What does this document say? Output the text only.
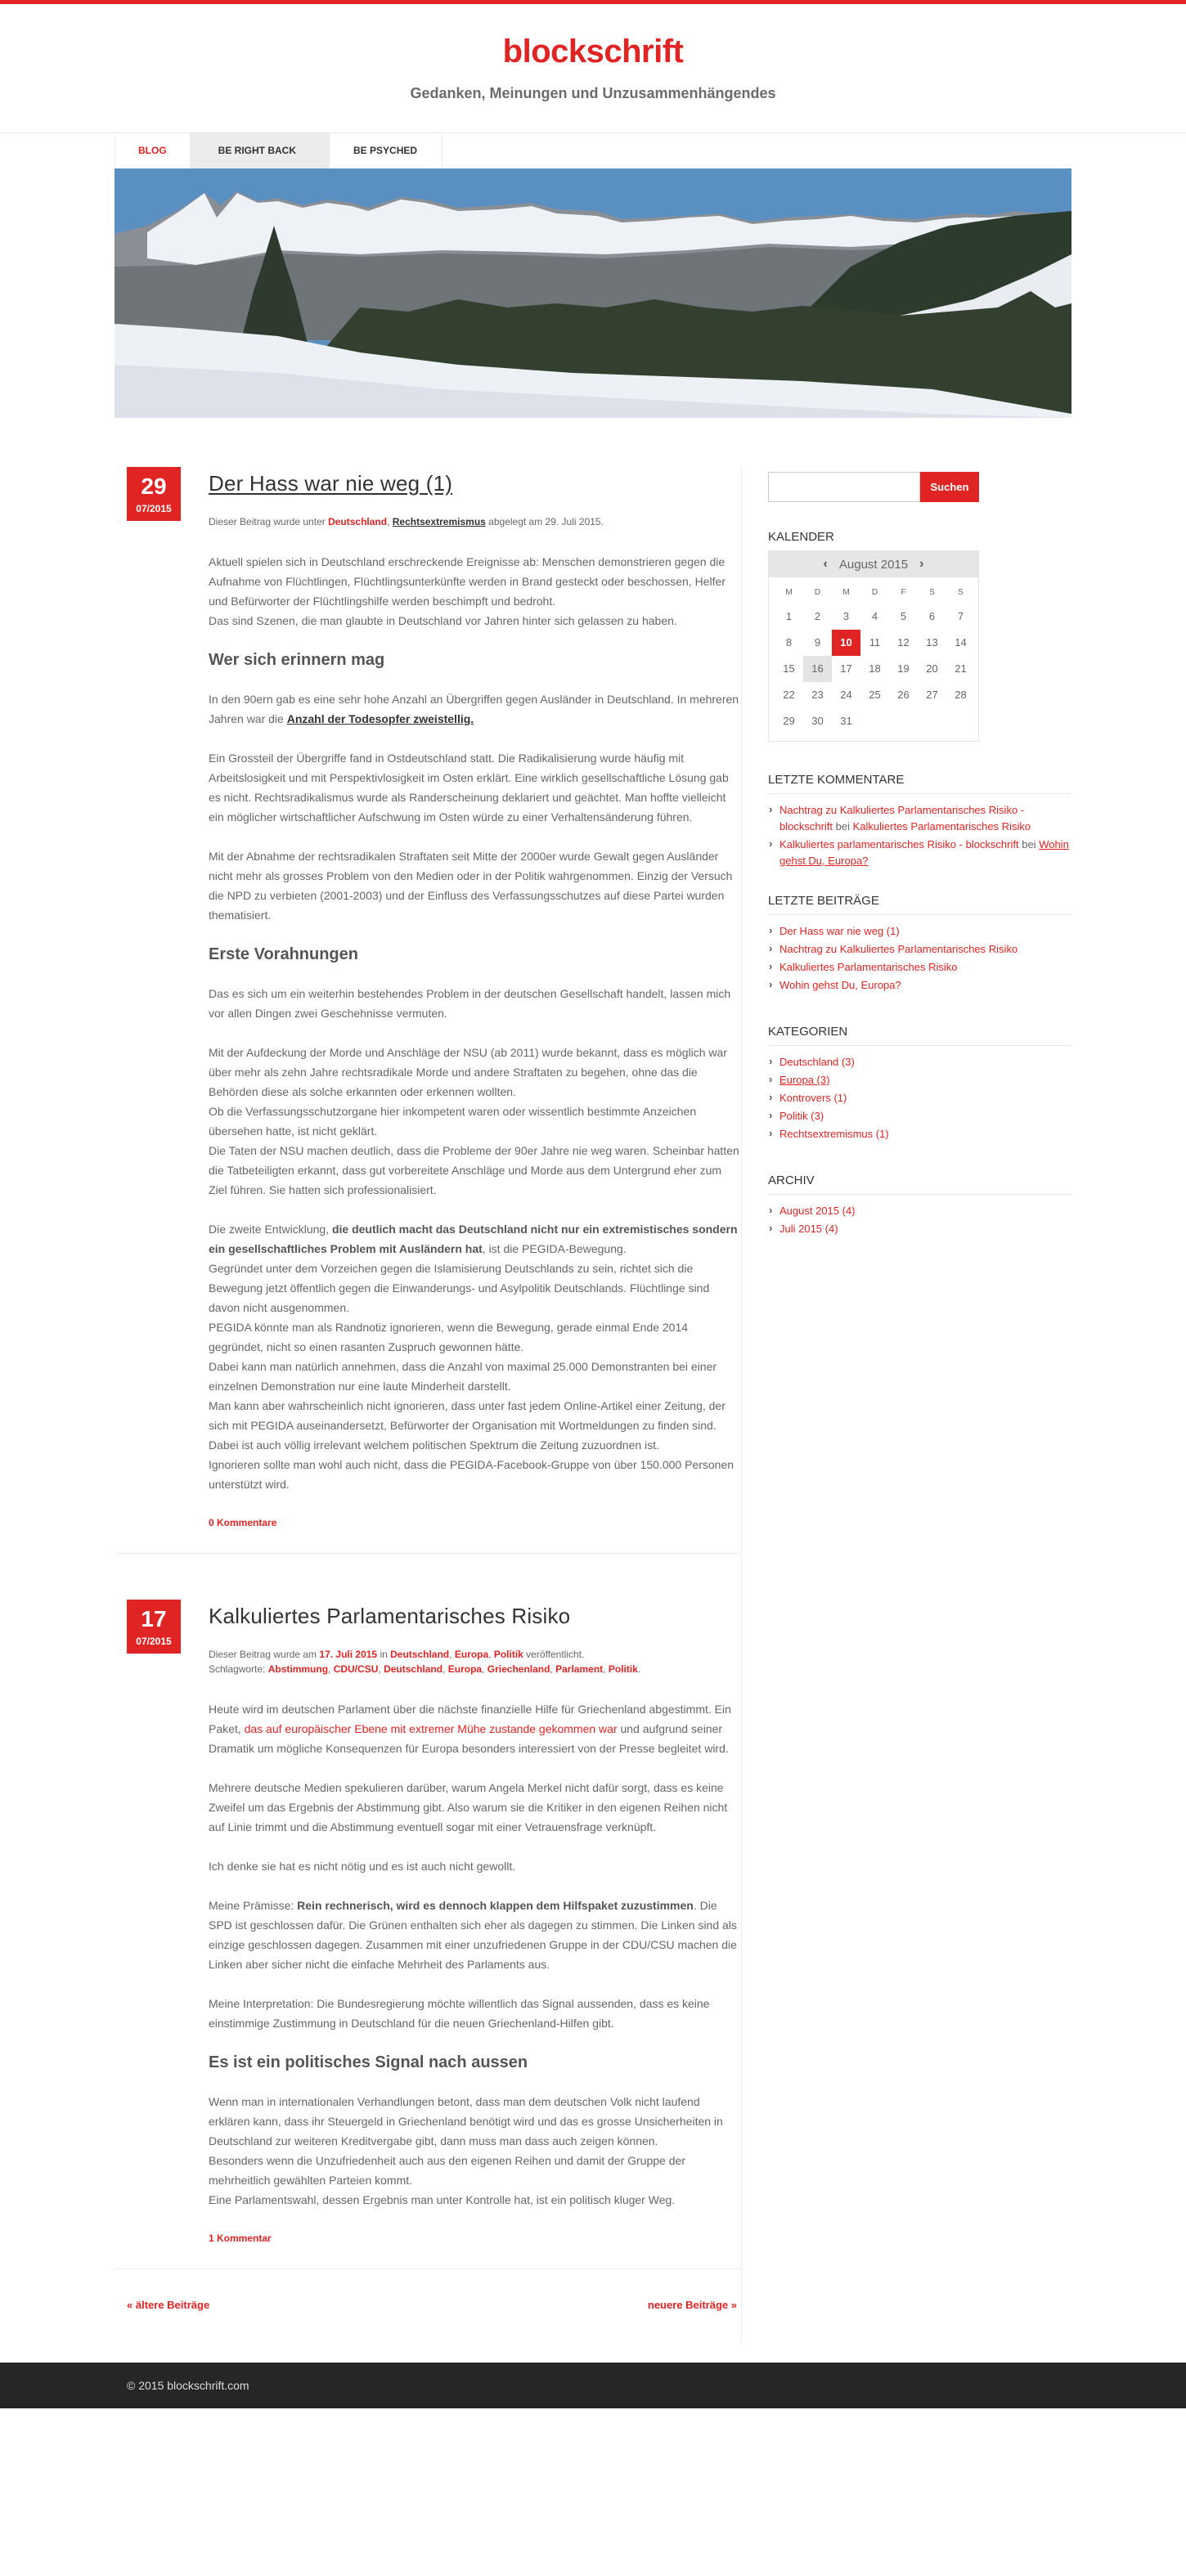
blockschrift
Gedanken, Meinungen und Unzusammenhängendes
BLOG	BE RIGHT BACK	BE PSYCHED
29
07/2015
Der Hass war nie weg (1)
Dieser Beitrag wurde unter Deutschland, Rechtsextremismus abgelegt am 29. Juli 2015.

Aktuell spielen sich in Deutschland erschreckende Ereignisse ab: Menschen demonstrieren gegen die Aufnahme von Flüchtlingen, Flüchtlingsunterkünfte werden in Brand gesteckt oder beschossen, Helfer und Befürworter der Flüchtlingshilfe werden beschimpft und bedroht.
Das sind Szenen, die man glaubte in Deutschland vor Jahren hinter sich gelassen zu haben.

Wer sich erinnern mag

In den 90ern gab es eine sehr hohe Anzahl an Übergriffen gegen Ausländer in Deutschland. In mehreren Jahren war die Anzahl der Todesopfer zweistellig.

Ein Grossteil der Übergriffe fand in Ostdeutschland statt. Die Radikalisierung wurde häufig mit Arbeitslosigkeit und mit Perspektivlosigkeit im Osten erklärt. Eine wirklich gesellschaftliche Lösung gab es nicht. Rechtsradikalismus wurde als Randerscheinung deklariert und geächtet. Man hoffte vielleicht ein möglicher wirtschaftlicher Aufschwung im Osten würde zu einer Verhaltensänderung führen.

Mit der Abnahme der rechtsradikalen Straftaten seit Mitte der 2000er wurde Gewalt gegen Ausländer nicht mehr als grosses Problem von den Medien oder in der Politik wahrgenommen. Einzig der Versuch die NPD zu verbieten (2001-2003) und der Einfluss des Verfassungsschutzes auf diese Partei wurden thematisiert.

Erste Vorahnungen

Das es sich um ein weiterhin bestehendes Problem in der deutschen Gesellschaft handelt, lassen mich vor allen Dingen zwei Geschehnisse vermuten.

Mit der Aufdeckung der Morde und Anschläge der NSU (ab 2011) wurde bekannt, dass es möglich war über mehr als zehn Jahre rechtsradikale Morde und andere Straftaten zu begehen, ohne das die Behörden diese als solche erkannten oder erkennen wollten.
Ob die Verfassungsschutzorgane hier inkompetent waren oder wissentlich bestimmte Anzeichen übersehen hatte, ist nicht geklärt.
Die Taten der NSU machen deutlich, dass die Probleme der 90er Jahre nie weg waren. Scheinbar hatten die Tatbeteiligten erkannt, dass gut vorbereitete Anschläge und Morde aus dem Untergrund eher zum Ziel führen. Sie hatten sich professionalisiert.

Die zweite Entwicklung, die deutlich macht das Deutschland nicht nur ein extremistisches sondern ein gesellschaftliches Problem mit Ausländern hat, ist die PEGIDA-Bewegung.
Gegründet unter dem Vorzeichen gegen die Islamisierung Deutschlands zu sein, richtet sich die Bewegung jetzt öffentlich gegen die Einwanderungs- und Asylpolitik Deutschlands. Flüchtlinge sind davon nicht ausgenommen.
PEGIDA könnte man als Randnotiz ignorieren, wenn die Bewegung, gerade einmal Ende 2014 gegründet, nicht so einen rasanten Zuspruch gewonnen hätte.
Dabei kann man natürlich annehmen, dass die Anzahl von maximal 25.000 Demonstranten bei einer einzelnen Demonstration nur eine laute Minderheit darstellt.
Man kann aber wahrscheinlich nicht ignorieren, dass unter fast jedem Online-Artikel einer Zeitung, der sich mit PEGIDA auseinandersetzt, Befürworter der Organisation mit Wortmeldungen zu finden sind. Dabei ist auch völlig irrelevant welchem politischen Spektrum die Zeitung zuzuordnen ist.
Ignorieren sollte man wohl auch nicht, dass die PEGIDA-Facebook-Gruppe von über 150.000 Personen unterstützt wird.

0 Kommentare
17
07/2015
Kalkuliertes Parlamentarisches Risiko
Dieser Beitrag wurde am 17. Juli 2015 in Deutschland, Europa, Politik veröffentlicht.
Schlagworte: Abstimmung, CDU/CSU, Deutschland, Europa, Griechenland, Parlament, Politik.

Heute wird im deutschen Parlament über die nächste finanzielle Hilfe für Griechenland abgestimmt. Ein Paket, das auf europäischer Ebene mit extremer Mühe zustande gekommen war und aufgrund seiner Dramatik um mögliche Konsequenzen für Europa besonders interessiert von der Presse begleitet wird.

Mehrere deutsche Medien spekulieren darüber, warum Angela Merkel nicht dafür sorgt, dass es keine Zweifel um das Ergebnis der Abstimmung gibt. Also warum sie die Kritiker in den eigenen Reihen nicht auf Linie trimmt und die Abstimmung eventuell sogar mit einer Vetrauensfrage verknüpft.

Ich denke sie hat es nicht nötig und es ist auch nicht gewollt.

Meine Prämisse: Rein rechnerisch, wird es dennoch klappen dem Hilfspaket zuzustimmen. Die SPD ist geschlossen dafür. Die Grünen enthalten sich eher als dagegen zu stimmen. Die Linken sind als einzige geschlossen dagegen. Zusammen mit einer unzufriedenen Gruppe in der CDU/CSU machen die Linken aber sicher nicht die einfache Mehrheit des Parlaments aus.

Meine Interpretation: Die Bundesregierung möchte willentlich das Signal aussenden, dass es keine einstimmige Zustimmung in Deutschland für die neuen Griechenland-Hilfen gibt.

Es ist ein politisches Signal nach aussen

Wenn man in internationalen Verhandlungen betont, dass man dem deutschen Volk nicht laufend erklären kann, dass ihr Steuergeld in Griechenland benötigt wird und das es grosse Unsicherheiten in Deutschland zur weiteren Kreditvergabe gibt, dann muss man dass auch zeigen können.
Besonders wenn die Unzufriedenheit auch aus den eigenen Reihen und damit der Gruppe der mehrheitlich gewählten Parteien kommt.
Eine Parlamentswahl, dessen Ergebnis man unter Kontrolle hat, ist ein politisch kluger Weg.

1 Kommentar
« ältere Beiträge	neuere Beiträge »
Suchen
KALENDER
‹ August 2015 ›
M	D	M	D	F	S	S
1	2	3	4	5	6	7
8	9	10	11	12	13	14
15	16	17	18	19	20	21
22	23	24	25	26	27	28
29	30	31
LETZTE KOMMENTARE
› Nachtrag zu Kalkuliertes Parlamentarisches Risiko - blockschrift bei Kalkuliertes Parlamentarisches Risiko
› Kalkuliertes parlamentarisches Risiko - blockschrift bei Wohin gehst Du, Europa?
LETZTE BEITRÄGE
› Der Hass war nie weg (1)
› Nachtrag zu Kalkuliertes Parlamentarisches Risiko
› Kalkuliertes Parlamentarisches Risiko
› Wohin gehst Du, Europa?
KATEGORIEN
› Deutschland (3)
› Europa (3)
› Kontrovers (1)
› Politik (3)
› Rechtsextremismus (1)
ARCHIV
› August 2015 (4)
› Juli 2015 (4)
© 2015 blockschrift.com
